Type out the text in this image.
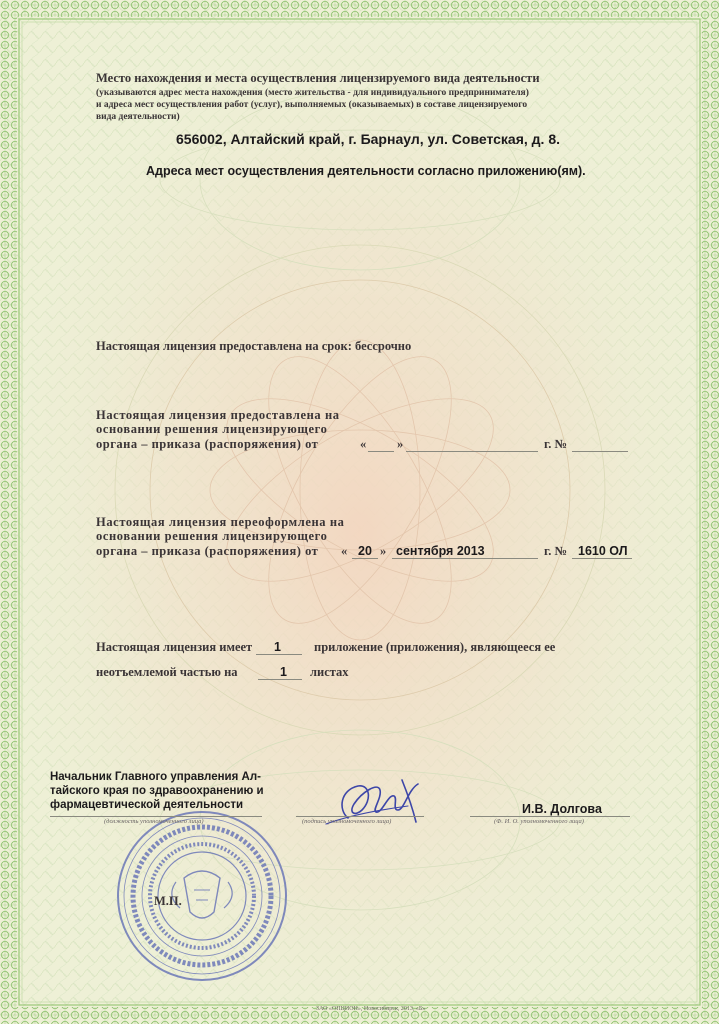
Место нахождения и места осуществления лицензируемого вида деятельности

(указываются адрес места нахождения (место жительства - для индивидуального предпринимателя)
и адреса мест осуществления работ (услуг), выполняемых (оказываемых) в составе лицензируемого
вида деятельности)

656002, Алтайский край, г. Барнаул, ул. Советская, д. 8.

Адреса мест осуществления деятельности согласно приложению(ям).

Настоящая лицензия предоставлена на срок: бессрочно

Настоящая лицензия предоставлена на
основании решения лицензирующего

органа – приказа (распоряжения) от	« »	г. №
Настоящая лицензия переоформлена на
основании решения лицензирующего

органа – приказа (распоряжения) от « 20 » сентября 2013	г. № 1610 ОЛ

Настоящая лицензия имеет 1	приложение (приложения), являющееся ее
неотъемлемой частью на	1 листах
Начальник Главного управления Ал-
тайского края по здравоохранению и
фармацевтической деятельности
(должность уполномоченного лица)	(подпись уполномоченного лица)
И.В. Долгова
(Ф. И. О. уполномоченного лица)
М.П.
ЗАО «ОПЦИОН», Новосибирск, 2013, «Б»
